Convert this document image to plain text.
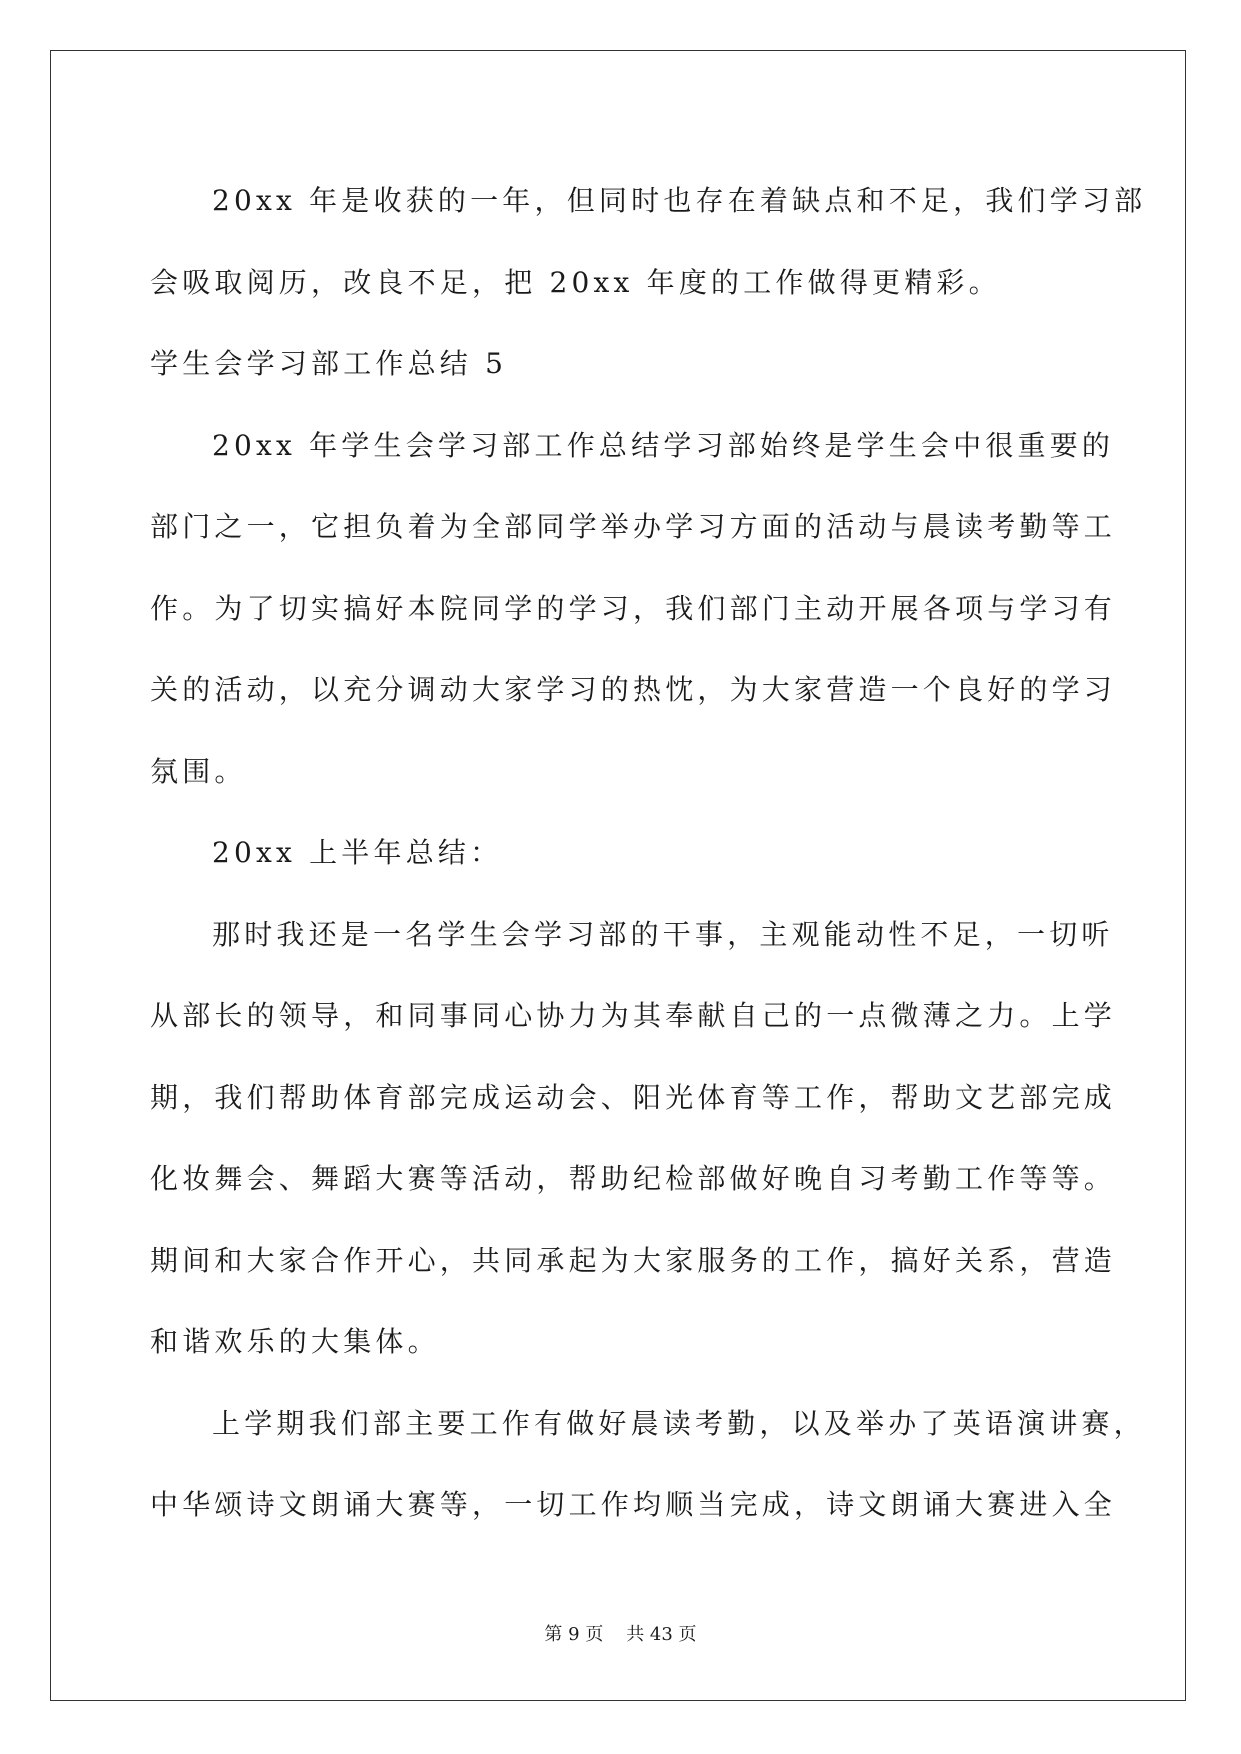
20xx 年是收获的一年，但同时也存在着缺点和不足，我们学习部
会吸取阅历，改良不足，把 20xx 年度的工作做得更精彩。
学生会学习部工作总结 5
20xx 年学生会学习部工作总结学习部始终是学生会中很重要的
部门之一，它担负着为全部同学举办学习方面的活动与晨读考勤等工
作。为了切实搞好本院同学的学习，我们部门主动开展各项与学习有
关的活动，以充分调动大家学习的热忱，为大家营造一个良好的学习
氛围。
20xx 上半年总结：
那时我还是一名学生会学习部的干事，主观能动性不足，一切听
从部长的领导，和同事同心协力为其奉献自己的一点微薄之力。上学
期，我们帮助体育部完成运动会、阳光体育等工作，帮助文艺部完成
化妆舞会、舞蹈大赛等活动，帮助纪检部做好晚自习考勤工作等等。
期间和大家合作开心，共同承起为大家服务的工作，搞好关系，营造
和谐欢乐的大集体。
上学期我们部主要工作有做好晨读考勤，以及举办了英语演讲赛，
中华颂诗文朗诵大赛等，一切工作均顺当完成，诗文朗诵大赛进入全
第 9 页    共 43 页
